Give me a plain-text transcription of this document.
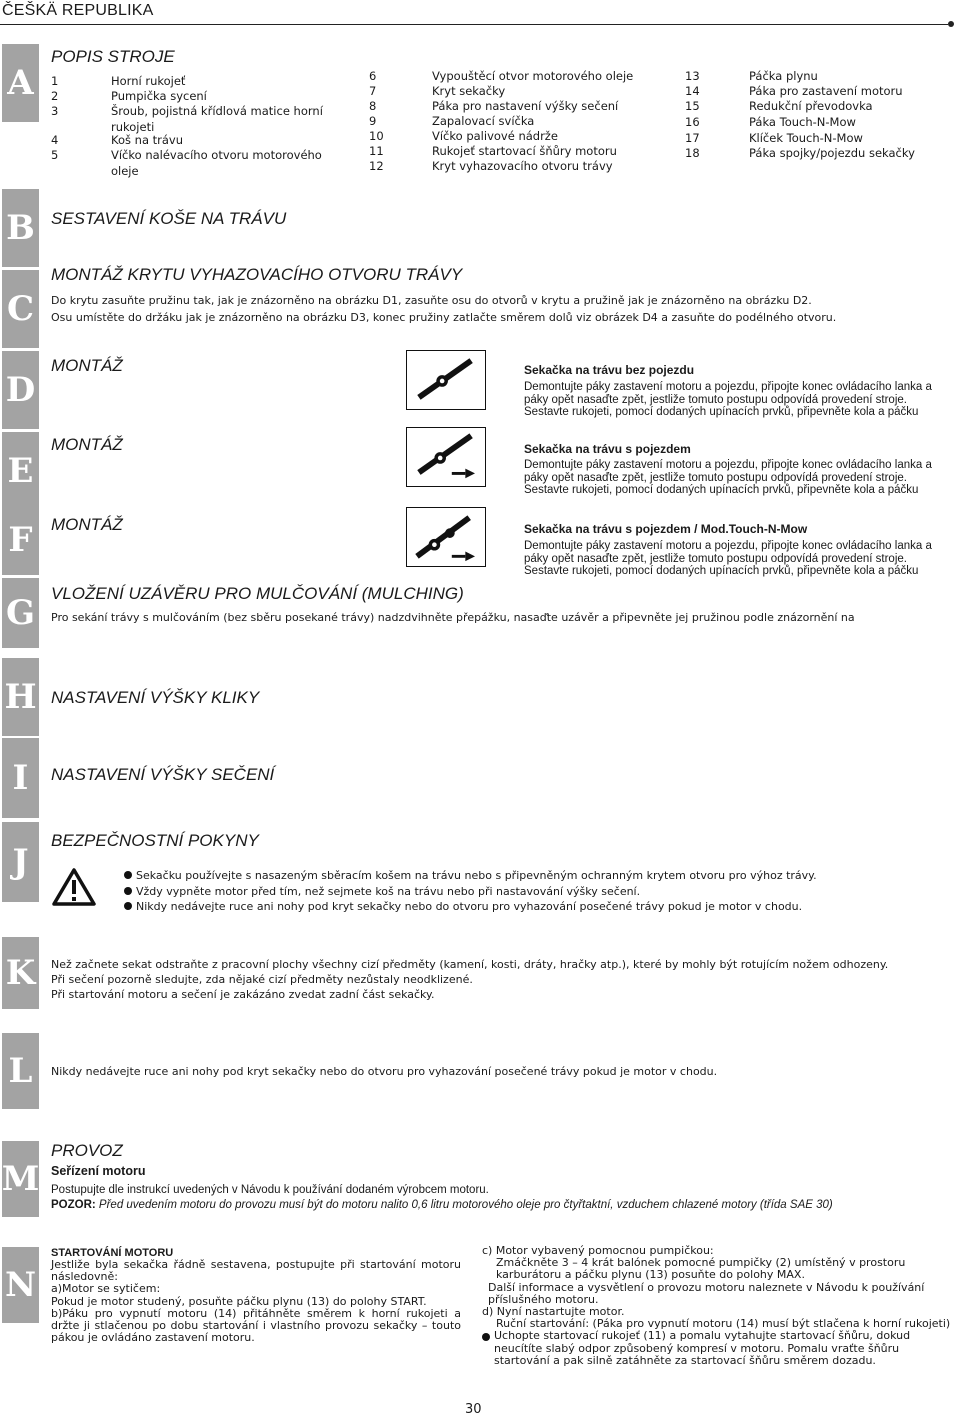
ČEŠKÄ REPUBLIKA
A
B
C
D
E
F
G
H
I
J
K
L
M
N
POPIS STROJE
1	Horní rukojeť
2	Pumpička sycení
3	Šroub, pojistná křídlová matice horní rukojeti
4	Koš na trávu
5	Víčko nalévacího otvoru motorového oleje
6	Vypouštěcí otvor motorového oleje
7	Kryt sekačky
8	Páka pro nastavení výšky sečení
9	Zapalovací svíčka
10	Víčko palivové nádrže
11	Rukojeť startovací šňůry motoru
12	Kryt vyhazovacího otvoru trávy
13	Páčka plynu
14	Páka pro zastavení motoru
15	Redukční převodovka
16	Páka Touch-N-Mow
17	Klíček Touch-N-Mow
18	Páka spojky/pojezdu sekačky
SESTAVENÍ KOŠE NA TRÁVU
MONTÁŽ KRYTU VYHAZOVACÍHO OTVORU TRÁVY
Do krytu zasuňte pružinu tak, jak je znázorněno na obrázku D1, zasuňte osu do otvorů v krytu a pružině jak je znázorněno na obrázku D2.
Osu umístěte do držáku jak je znázorněno na obrázku D3, konec pružiny zatlačte směrem dolů viz obrázek D4 a zasuňte do podélného otvoru.
MONTÁŽ	Sekačka na trávu bez pojezdu
Demontujte páky zastavení motoru a pojezdu, připojte konec ovládacího lanka a páky opět nasaďte zpět, jestliže tomuto postupu odpovídá provedení stroje.
Sestavte rukojeti, pomocí dodaných upínacích prvků, připevněte kola a páčku
MONTÁŽ	Sekačka na trávu s pojezdem
Demontujte páky zastavení motoru a pojezdu, připojte konec ovládacího lanka a páky opět nasaďte zpět, jestliže tomuto postupu odpovídá provedení stroje.
Sestavte rukojeti, pomocí dodaných upínacích prvků, připevněte kola a páčku
MONTÁŽ	Sekačka na trávu s pojezdem / Mod.Touch-N-Mow
Demontujte páky zastavení motoru a pojezdu, připojte konec ovládacího lanka a páky opět nasaďte zpět, jestliže tomuto postupu odpovídá provedení stroje.
Sestavte rukojeti, pomocí dodaných upínacích prvků, připevněte kola a páčku
VLOŽENÍ UZÁVĚRU PRO MULČOVÁNÍ (MULCHING)
Pro sekání trávy s mulčováním (bez sběru posekané trávy) nadzdvihněte přepážku, nasaďte uzávěr a připevněte jej pružinou podle znázornění na
NASTAVENÍ VÝŠKY KLIKY
NASTAVENÍ VÝŠKY SEČENÍ
BEZPEČNOSTNÍ POKYNY
Sekačku používejte s nasazeným sběracím košem na trávu nebo s připevněným ochranným krytem otvoru pro výhoz trávy.
Vždy vypněte motor před tím, než sejmete koš na trávu nebo při nastavování výšky sečení.
Nikdy nedávejte ruce ani nohy pod kryt sekačky nebo do otvoru pro vyhazování posečené trávy pokud je motor v chodu.
Než začnete sekat odstraňte z pracovní plochy všechny cizí předměty (kamení, kosti, dráty, hračky atp.), které by mohly být rotujícím nožem odhozeny.
Při sečení pozorně sledujte, zda nějaké cizí předměty nezůstaly neodklizené.
Při startování motoru a sečení je zakázáno zvedat zadní část sekačky.
Nikdy nedávejte ruce ani nohy pod kryt sekačky nebo do otvoru pro vyhazování posečené trávy pokud je motor v chodu.
PROVOZ
Seřízení motoru
Postupujte dle instrukcí uvedených v Návodu k používání dodaném výrobcem motoru.
POZOR: Před uvedením motoru do provozu musí být do motoru nalito 0,6 litru motorového oleje pro čtyřtaktní, vzduchem chlazené motory (třída SAE 30)
STARTOVÁNÍ MOTORU
Jestliže byla sekačka řádně sestavena, postupujte při startování motoru následovně:
a)Motor se sytičem:
Pokud je motor studený, posuňte páčku plynu (13) do polohy START.
b)Páku pro vypnutí motoru (14) přitáhněte směrem k horní rukojeti a držte ji stlačenou po dobu startování i vlastního provozu sekačky – touto pákou je ovládáno zastavení motoru.
c) Motor vybavený pomocnou pumpičkou:
Zmáčkněte 3 – 4 krát balónek pomocné pumpičky (2) umístěný v prostoru karburátoru a páčku plynu (13) posuňte do polohy MAX.
Další informace a vysvětlení o provozu motoru naleznete v Návodu k používání příslušného motoru.
d) Nyní nastartujte motor.
Ruční startování: (Páka pro vypnutí motoru (14) musí být stlačena k horní rukojeti)
Uchopte startovací rukojeť (11) a pomalu vytahujte startovací šňůru, dokud neucítíte slabý odpor způsobený kompresí v motoru. Pomalu vraťte šňůru startování a pak silně zatáhněte za startovací šňůru směrem dozadu.
30
